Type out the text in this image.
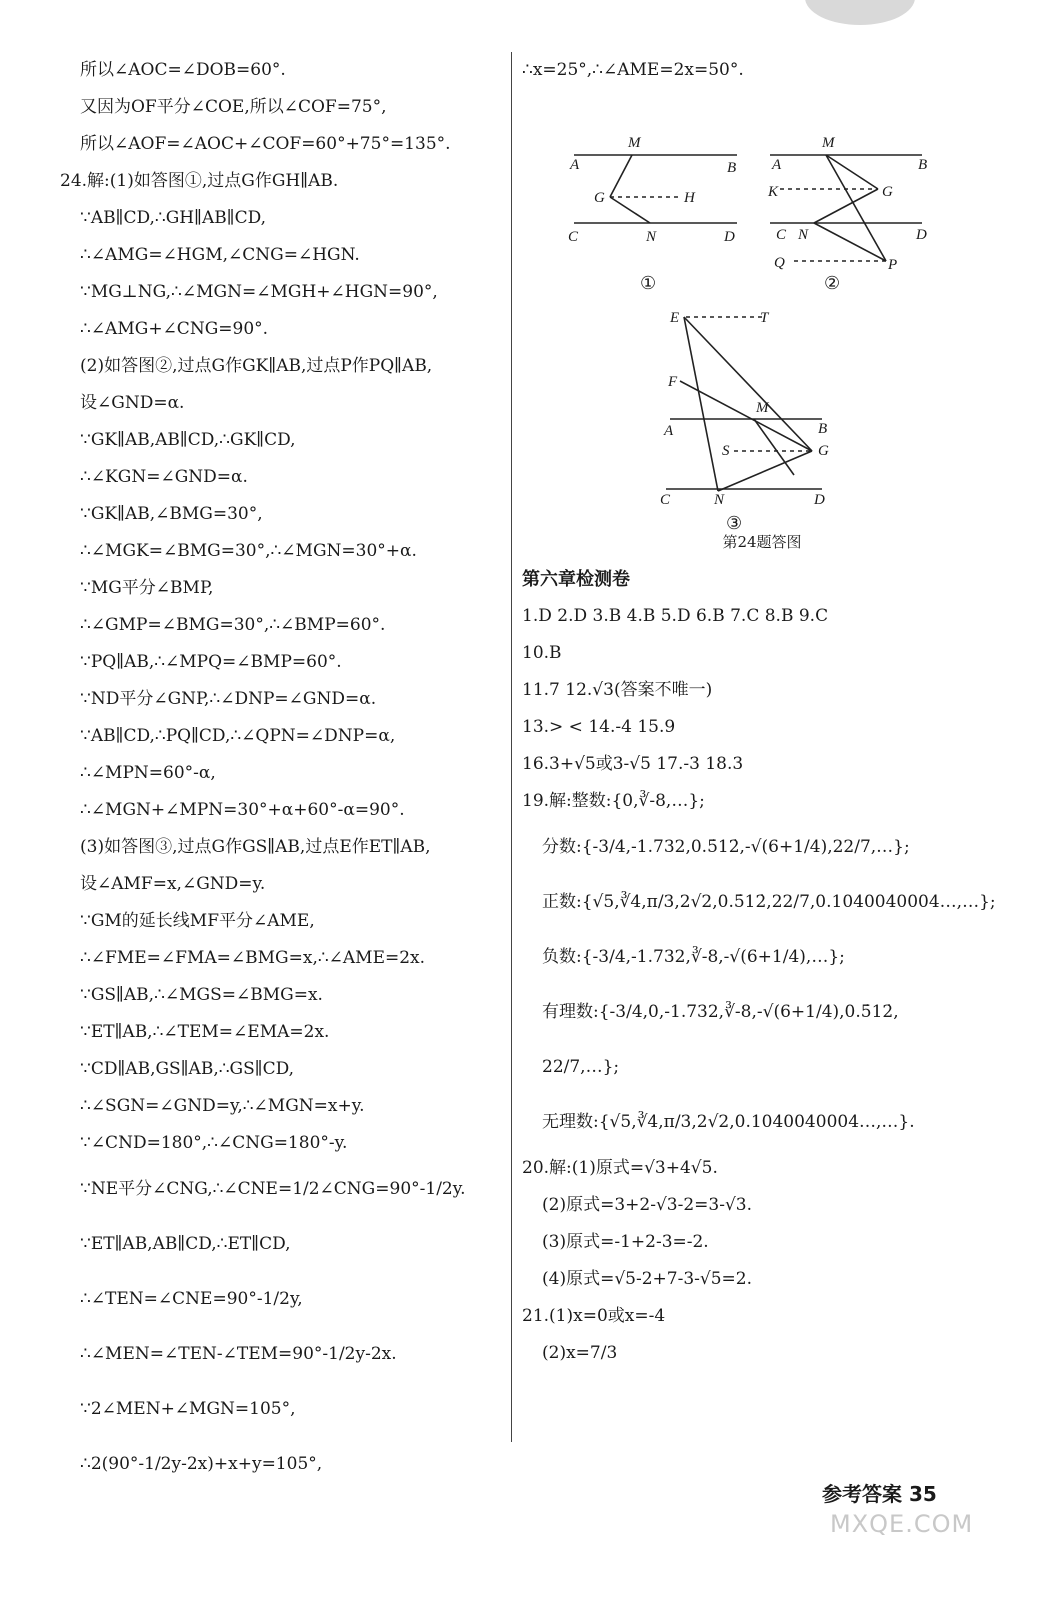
所以∠AOC=∠DOB=60°.
又因为OF平分∠COE,所以∠COF=75°,
所以∠AOF=∠AOC+∠COF=60°+75°=135°.
24.解:(1)如答图①,过点G作GH∥AB.
∵AB∥CD,∴GH∥AB∥CD,
∴∠AMG=∠HGM,∠CNG=∠HGN.
∵MG⊥NG,∴∠MGN=∠MGH+∠HGN=90°,
∴∠AMG+∠CNG=90°.
(2)如答图②,过点G作GK∥AB,过点P作PQ∥AB,
设∠GND=α.
∵GK∥AB,AB∥CD,∴GK∥CD,
∴∠KGN=∠GND=α.
∵GK∥AB,∠BMG=30°,
∴∠MGK=∠BMG=30°,∴∠MGN=30°+α.
∵MG平分∠BMP,
∴∠GMP=∠BMG=30°,∴∠BMP=60°.
∵PQ∥AB,∴∠MPQ=∠BMP=60°.
∵ND平分∠GNP,∴∠DNP=∠GND=α.
∵AB∥CD,∴PQ∥CD,∴∠QPN=∠DNP=α,
∴∠MPN=60°-α,
∴∠MGN+∠MPN=30°+α+60°-α=90°.
(3)如答图③,过点G作GS∥AB,过点E作ET∥AB,
设∠AMF=x,∠GND=y.
∵GM的延长线MF平分∠AME,
∴∠FME=∠FMA=∠BMG=x,∴∠AME=2x.
∵GS∥AB,∴∠MGS=∠BMG=x.
∵ET∥AB,∴∠TEM=∠EMA=2x.
∵CD∥AB,GS∥AB,∴GS∥CD,
∴∠SGN=∠GND=y,∴∠MGN=x+y.
∵∠CND=180°,∴∠CNG=180°-y.
∵NE平分∠CNG,∴∠CNE=1/2∠CNG=90°-1/2y.
∵ET∥AB,AB∥CD,∴ET∥CD,
∴∠TEN=∠CNE=90°-1/2y,
∴∠MEN=∠TEN-∠TEM=90°-1/2y-2x.
∵2∠MEN+∠MGN=105°,
∴2(90°-1/2y-2x)+x+y=105°,
∴x=25°,∴∠AME=2x=50°.
M
A	B
G	H
C	N	D
①
M
A	B
K	G
C N	D
Q	P
②
E	T
F
M
A	B
S	G
C	N	D
③
第24题答图
第六章检测卷
1.D 2.D 3.B 4.B 5.D 6.B 7.C 8.B 9.C
10.B
11.7 12.√3(答案不唯一)
13.> < 14.-4 15.9
16.3+√5或3-√5 17.-3 18.3
19.解:整数:{0,∛-8,…};
分数:{-3/4,-1.732,0.5̇12̇,-√(6+1/4),22/7,…};
正数:{√5,∛4,π/3,2√2,0.5̇12̇,22/7,0.1040040004…,…};
负数:{-3/4,-1.732,∛-8,-√(6+1/4),…};
有理数:{-3/4,0,-1.732,∛-8,-√(6+1/4),0.5̇12̇,
22/7,…};
无理数:{√5,∛4,π/3,2√2,0.1040040004…,…}.
20.解:(1)原式=√3+4√5.
(2)原式=3+2-√3-2=3-√3.
(3)原式=-1+2-3=-2.
(4)原式=√5-2+7-3-√5=2.
21.(1)x=0或x=-4
(2)x=7/3
参考答案 35
MXQE.COM
